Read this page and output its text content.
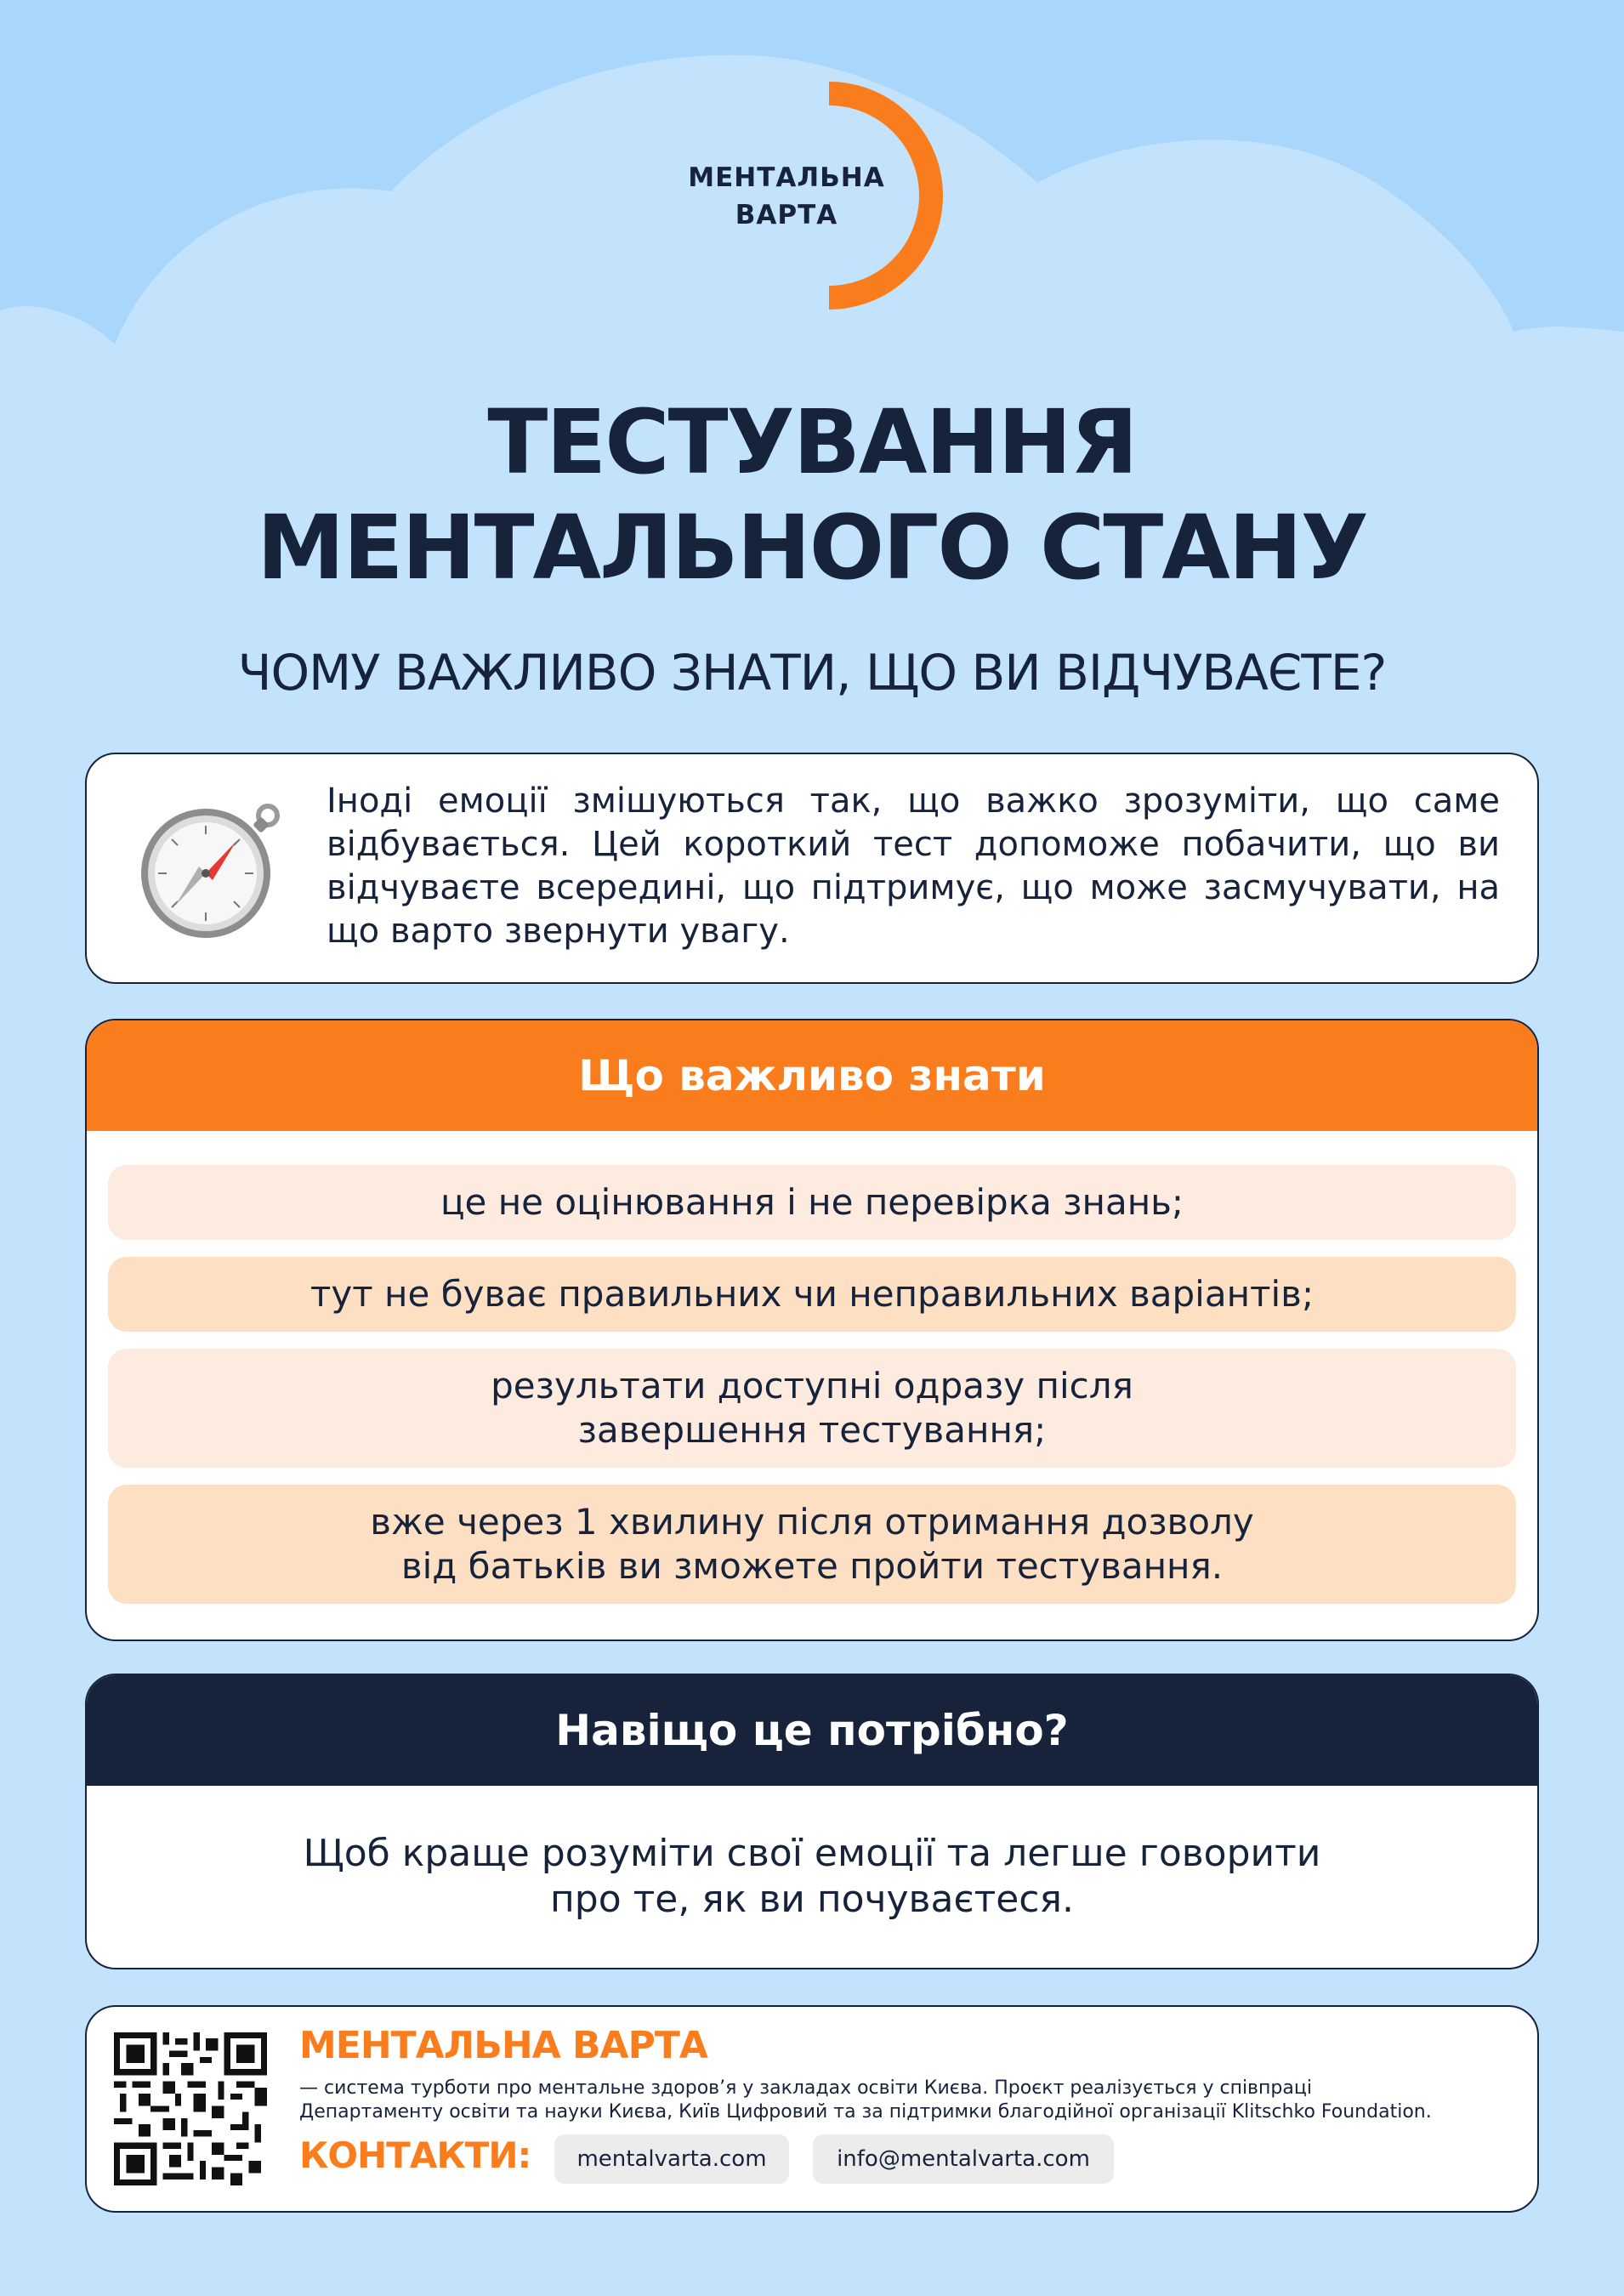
МЕНТАЛЬНА
ВАРТА
ТЕСТУВАННЯ
МЕНТАЛЬНОГО СТАНУ
ЧОМУ ВАЖЛИВО ЗНАТИ, ЩО ВИ ВІДЧУВАЄТЕ?
Іноді емоції змішуються так, що важко зрозуміти, що саме відбувається. Цей короткий тест допоможе побачити, що ви відчуваєте всередині, що підтримує, що може засмучувати, на що варто звернути увагу.
Що важливо знати
це не оцінювання і не перевірка знань;
тут не буває правильних чи неправильних варіантів;
результати доступні одразу після
завершення тестування;
вже через 1 хвилину після отримання дозволу
від батьків ви зможете пройти тестування.
Навіщо це потрібно?
Щоб краще розуміти свої емоції та легше говорити
про те, як ви почуваєтеся.
МЕНТАЛЬНА ВАРТА
— система турботи про ментальне здоров’я у закладах освіти Києва. Проєкт реалізується у співпраці
Департаменту освіти та науки Києва, Київ Цифровий та за підтримки благодійної організації Klitschko Foundation.
КОНТАКТИ:	mentalvarta.com	info@mentalvarta.com
